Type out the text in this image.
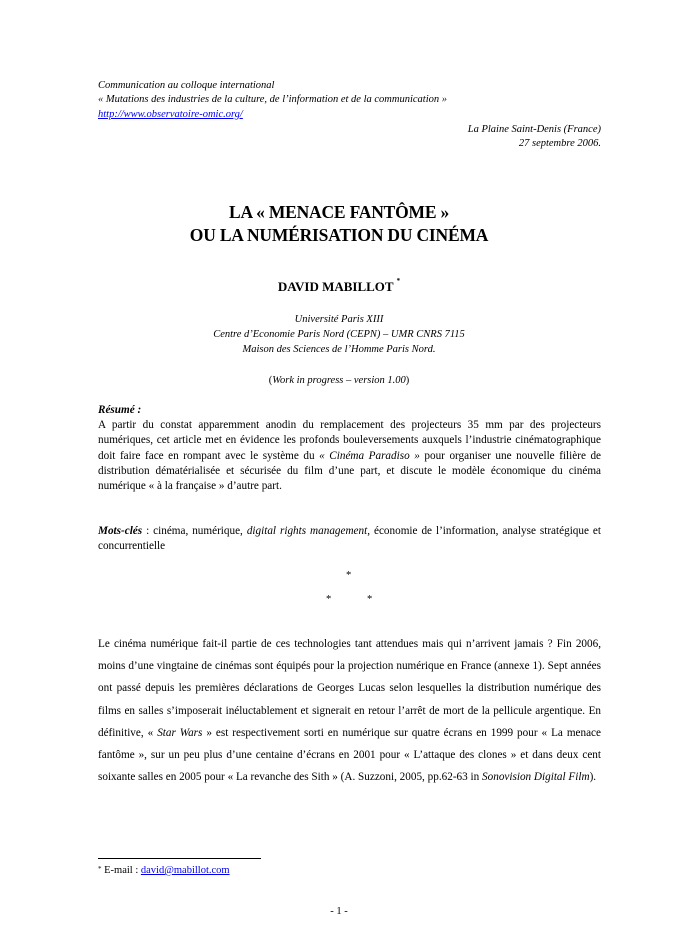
Communication au colloque international
« Mutations des industries de la culture, de l’information et de la communication »
http://www.observatoire-omic.org/
La Plaine Saint-Denis (France)
27 septembre 2006.
LA « MENACE FANTÔME »
OU LA NUMÉRISATION DU CINÉMA
DAVID MABILLOT *
Université Paris XIII
Centre d’Economie Paris Nord (CEPN) – UMR CNRS 7115
Maison des Sciences de l’Homme Paris Nord.
(Work in progress – version 1.00)

Résumé :

A partir du constat apparemment anodin du remplacement des projecteurs 35 mm par des projecteurs numériques, cet article met en évidence les profonds bouleversements auxquels l’industrie cinématographique doit faire face en rompant avec le système du « Cinéma Paradiso » pour organiser une nouvelle filière de distribution dématérialisée et sécurisée du film d’une part, et discute le modèle économique du cinéma numérique « à la française » d’autre part.

Mots-clés : cinéma, numérique, digital rights management, économie de l’information, analyse stratégique et concurrentielle

*
*	*
Le cinéma numérique fait-il partie de ces technologies tant attendues mais qui n’arrivent jamais ? Fin 2006, moins d’une vingtaine de cinémas sont équipés pour la projection numérique en France (annexe 1). Sept années ont passé depuis les premières déclarations de Georges Lucas selon lesquelles la distribution numérique des films en salles s’imposerait inéluctablement et signerait en retour l’arrêt de mort de la pellicule argentique. En définitive, « Star Wars » est respectivement sorti en numérique sur quatre écrans en 1999 pour « La menace fantôme », sur un peu plus d’une centaine d’écrans en 2001 pour « L’attaque des clones » et dans deux cent soixante salles en 2005 pour « La revanche des Sith » (A. Suzzoni, 2005, pp.62-63 in Sonovision Digital Film).
* E-mail : david@mabillot.com
- 1 -
